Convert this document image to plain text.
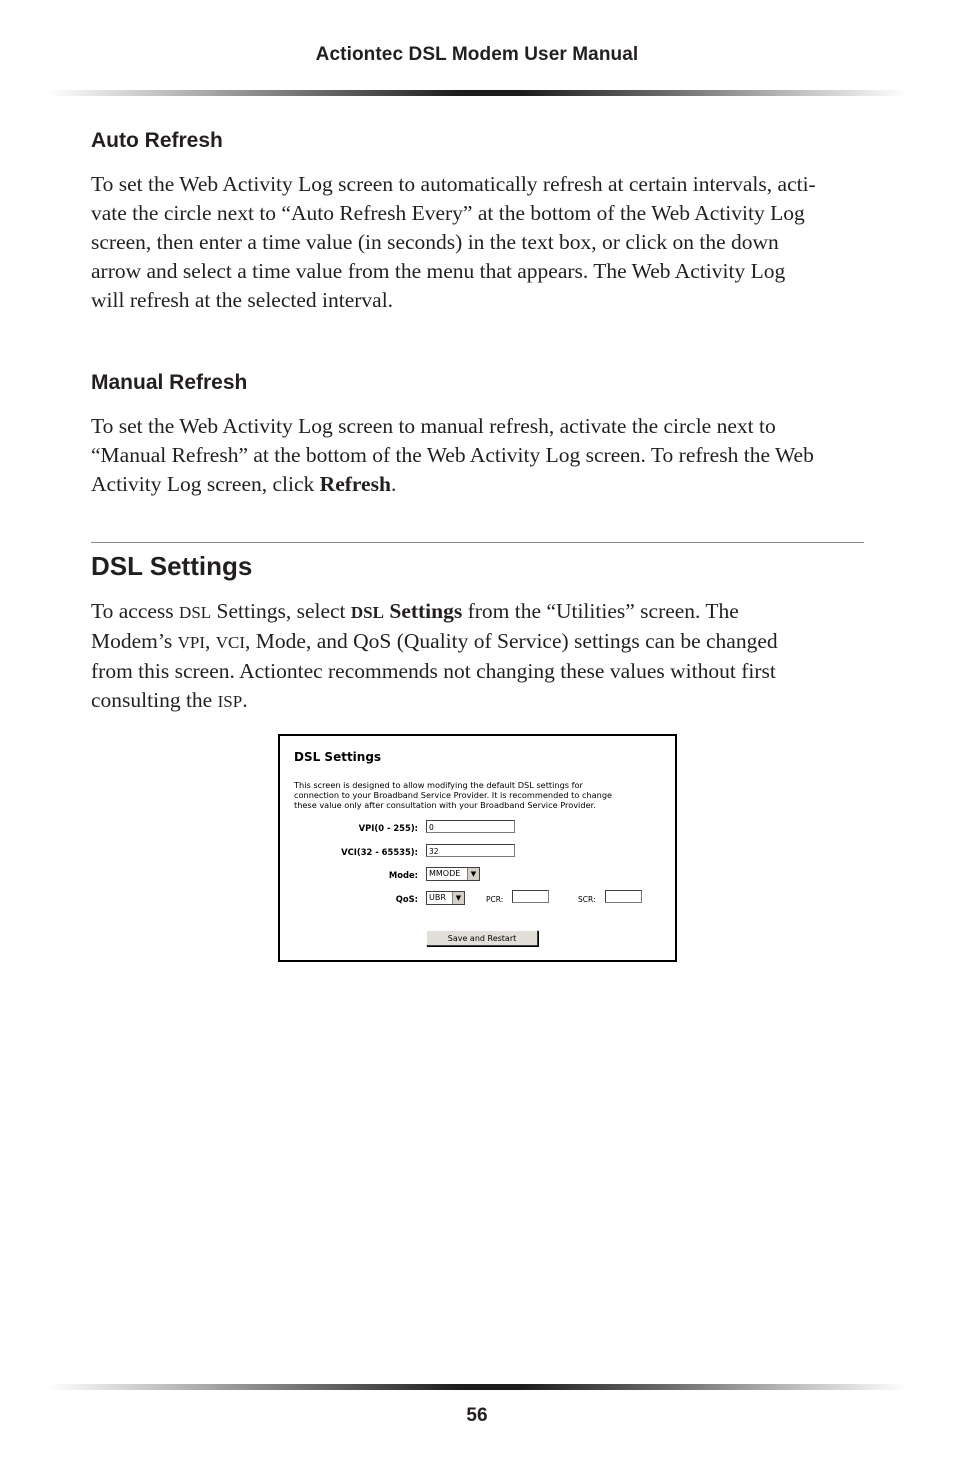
Actiontec DSL Modem User Manual
Auto Refresh

To set the Web Activity Log screen to automatically refresh at certain intervals, acti-
vate the circle next to “Auto Refresh Every” at the bottom of the Web Activity Log
screen, then enter a time value (in seconds) in the text box, or click on the down
arrow and select a time value from the menu that appears. The Web Activity Log
will refresh at the selected interval.

Manual Refresh

To set the Web Activity Log screen to manual refresh, activate the circle next to
“Manual Refresh” at the bottom of the Web Activity Log screen. To refresh the Web
Activity Log screen, click Refresh.

DSL Settings

To access DSL Settings, select DSL Settings from the “Utilities” screen. The
Modem’s VPI, VCI, Mode, and QoS (Quality of Service) settings can be changed
from this screen. Actiontec recommends not changing these values without first
consulting the ISP.

DSL Settings
This screen is designed to allow modifying the default DSL settings for
connection to your Broadband Service Provider. It is recommended to change
these value only after consultation with your Broadband Service Provider.
VPI(0 - 255):	0
VCI(32 - 65535):	32
Mode:	MMODE	▼
QoS:	UBR	▼	PCR:	SCR:
Save and Restart
56
